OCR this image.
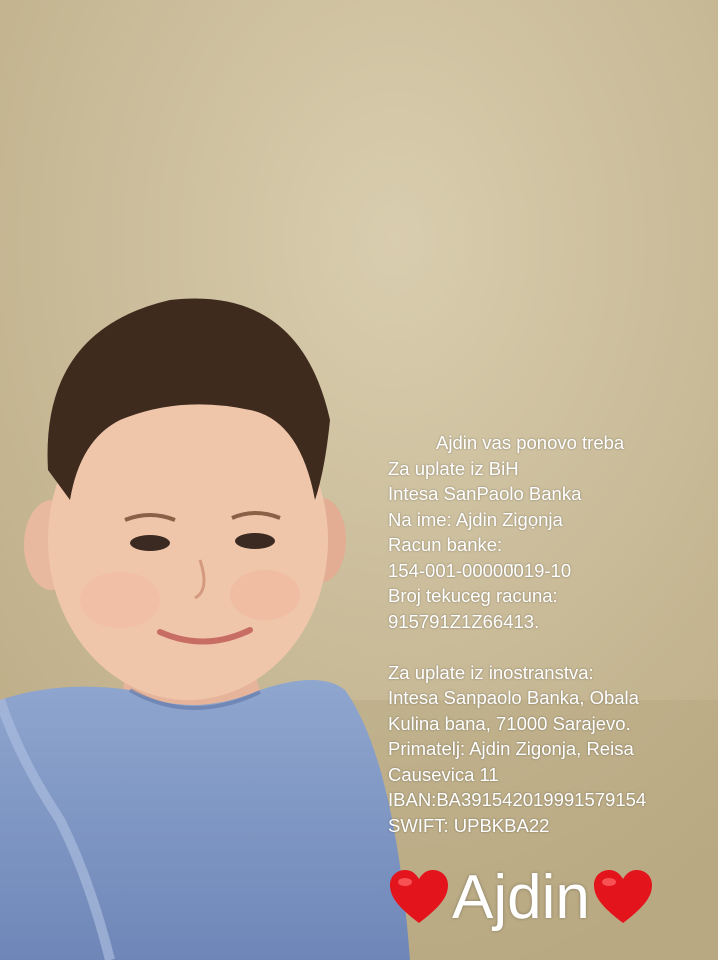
Ajdin vas ponovo treba
Za uplate iz BiH
Intesa SanPaolo Banka
Na ime: Ajdin Zigọnja
Racun banke:
154-001-00000̈019-10
Broj tekuceg racuna:
915791Z1Z66413.
Za uplate iz inostranstva:
Intesa Sanpaolo Banka, Obala
Kulina bana, 71000 Sarajevo.
Primatelj: Ajdin Zigonja, Reisa
Causevica 11
IBAN:BA391542019991579154
SWIFT: UPBKBA22
Ajdin
